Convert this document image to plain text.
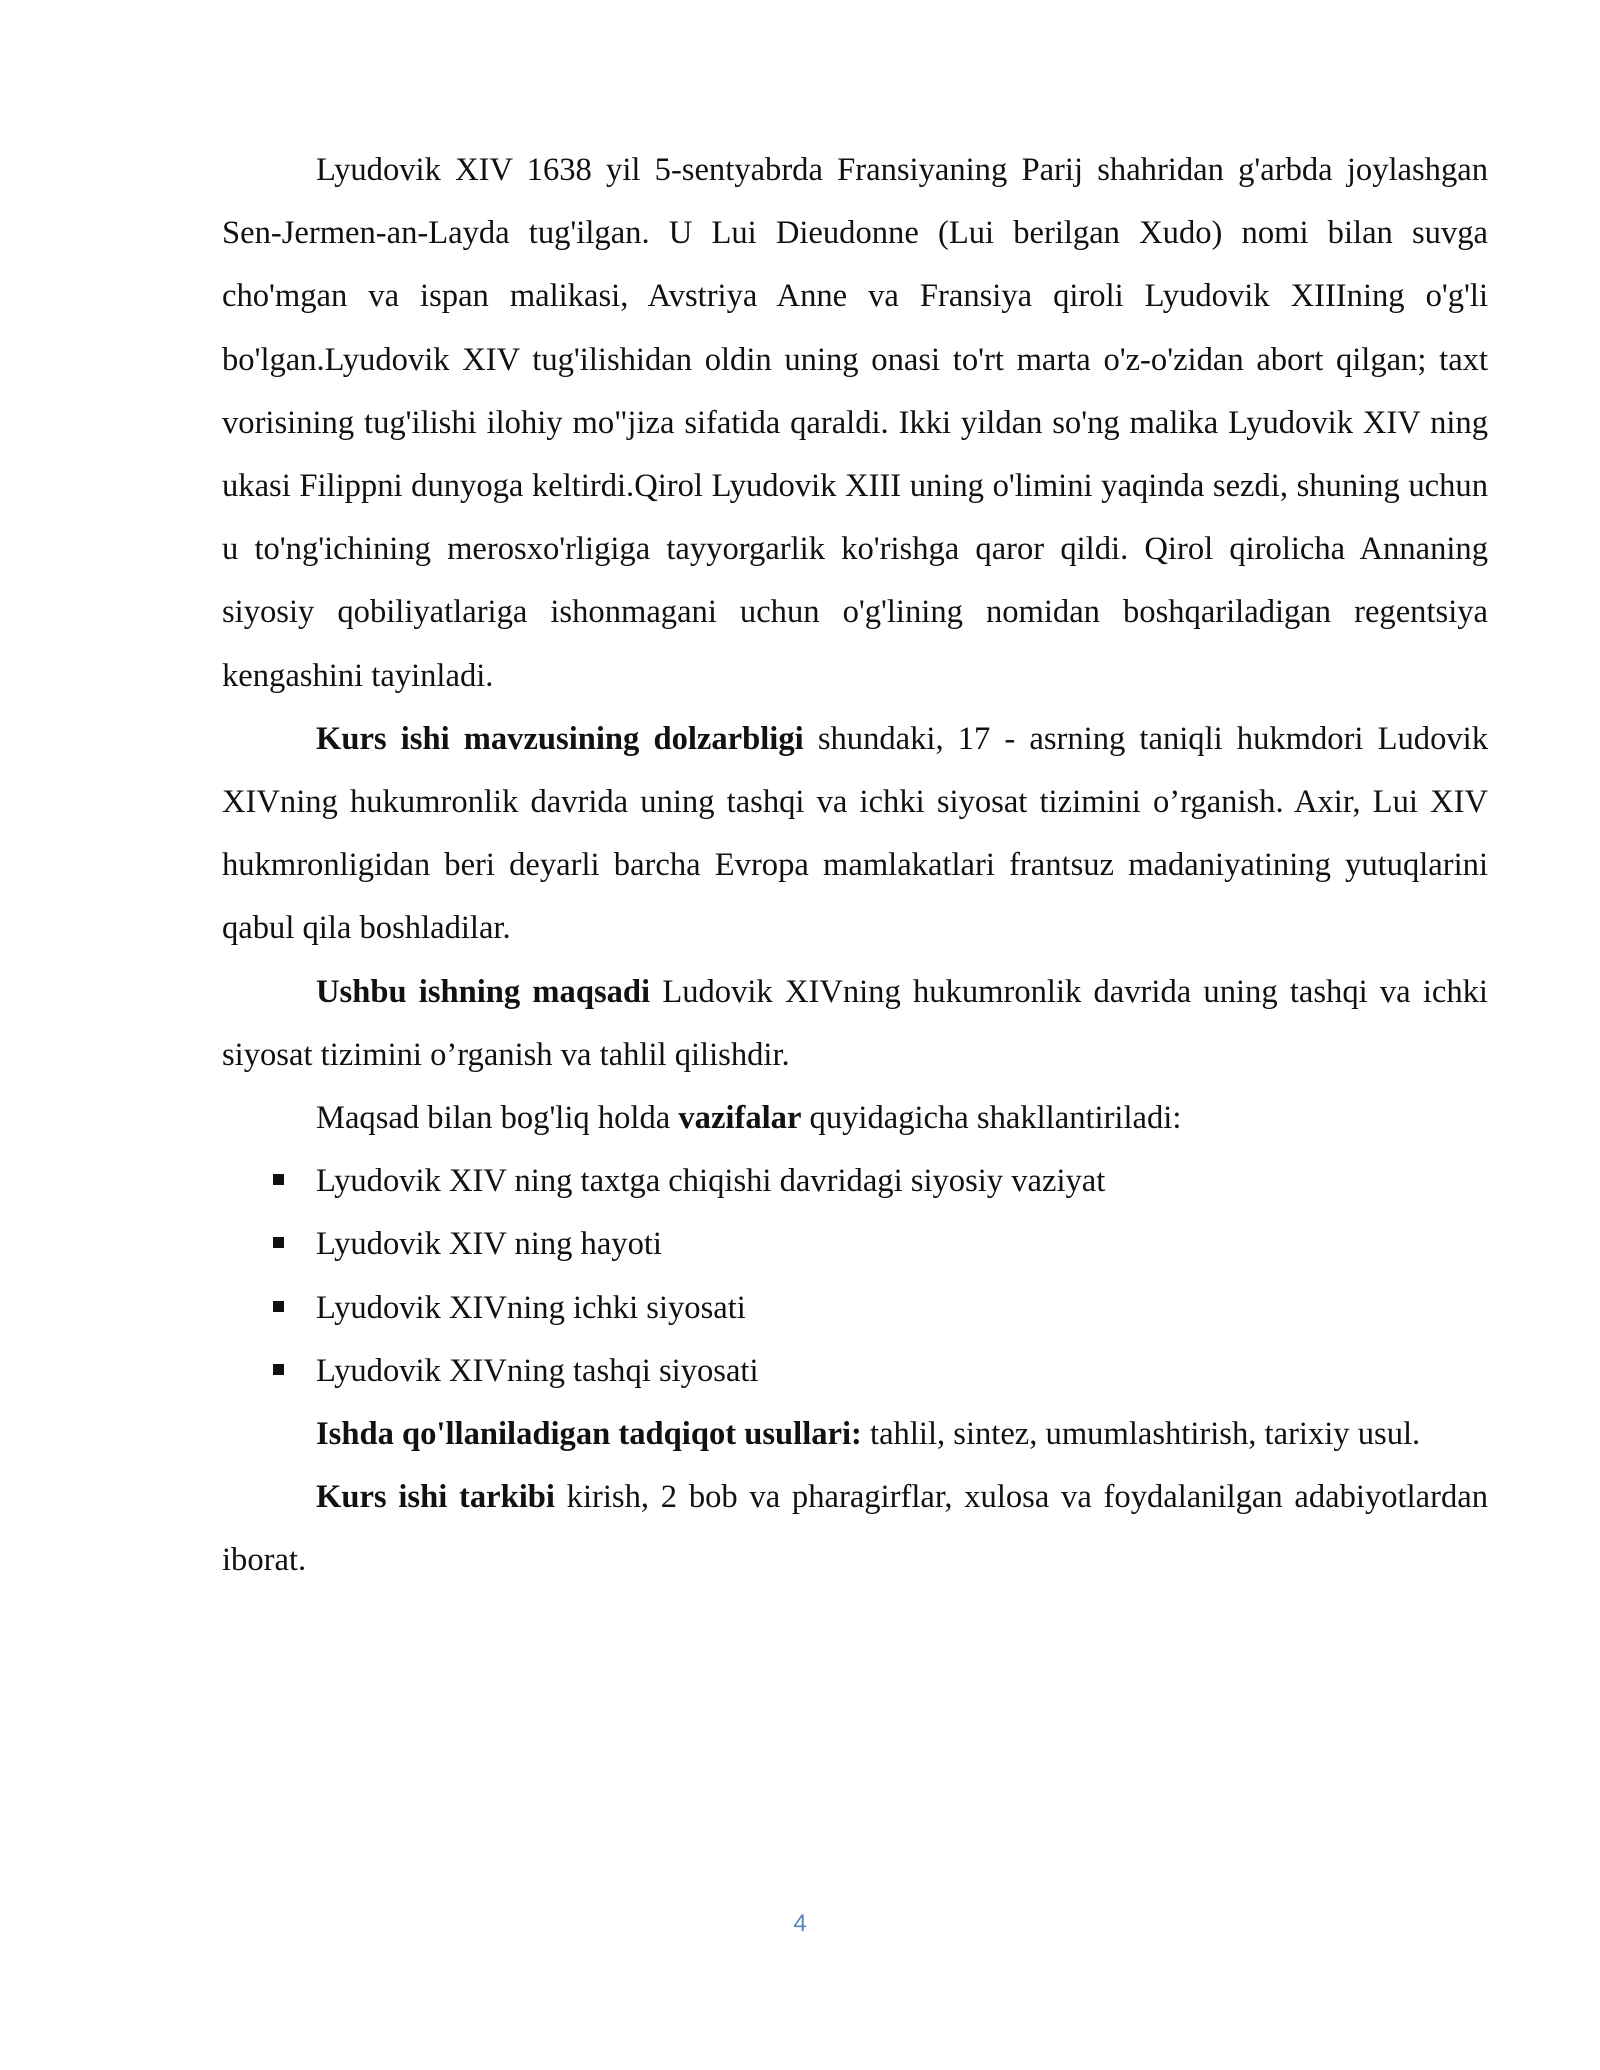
Lyudovik XIV 1638 yil 5-sentyabrda Fransiyaning Parij shahridan g'arbda joylashgan Sen-Jermen-an-Layda tug'ilgan. U Lui Dieudonne (Lui berilgan Xudo) nomi bilan suvga cho'mgan va ispan malikasi, Avstriya Anne va Fransiya qiroli Lyudovik XIIIning o'g'li bo'lgan.Lyudovik XIV tug'ilishidan oldin uning onasi to'rt marta o'z-o'zidan abort qilgan; taxt vorisining tug'ilishi ilohiy mo"jiza sifatida qaraldi. Ikki yildan so'ng malika Lyudovik XIV ning ukasi Filippni dunyoga keltirdi.Qirol Lyudovik XIII uning o'limini yaqinda sezdi, shuning uchun u to'ng'ichining merosxo'rligiga tayyorgarlik ko'rishga qaror qildi. Qirol qirolicha Annaning siyosiy qobiliyatlariga ishonmagani uchun o'g'lining nomidan boshqariladigan regentsiya kengashini tayinladi.

Kurs ishi mavzusining dolzarbligi shundaki, 17 - asrning taniqli hukmdori Ludovik XIVning hukumronlik davrida uning tashqi va ichki siyosat tizimini o’rganish. Axir, Lui XIV hukmronligidan beri deyarli barcha Evropa mamlakatlari frantsuz madaniyatining yutuqlarini qabul qila boshladilar.

Ushbu ishning maqsadi Ludovik XIVning hukumronlik davrida uning tashqi va ichki siyosat tizimini o’rganish va tahlil qilishdir.

Maqsad bilan bog'liq holda vazifalar quyidagicha shakllantiriladi:

Lyudovik XIV ning taxtga chiqishi davridagi siyosiy vaziyat
Lyudovik XIV ning hayoti
Lyudovik XIVning ichki siyosati
Lyudovik XIVning tashqi siyosati

Ishda qo'llaniladigan tadqiqot usullari: tahlil, sintez, umumlashtirish, tarixiy usul.

Kurs ishi tarkibi kirish, 2 bob va pharagirflar, xulosa va foydalanilgan adabiyotlardan iborat.

4
